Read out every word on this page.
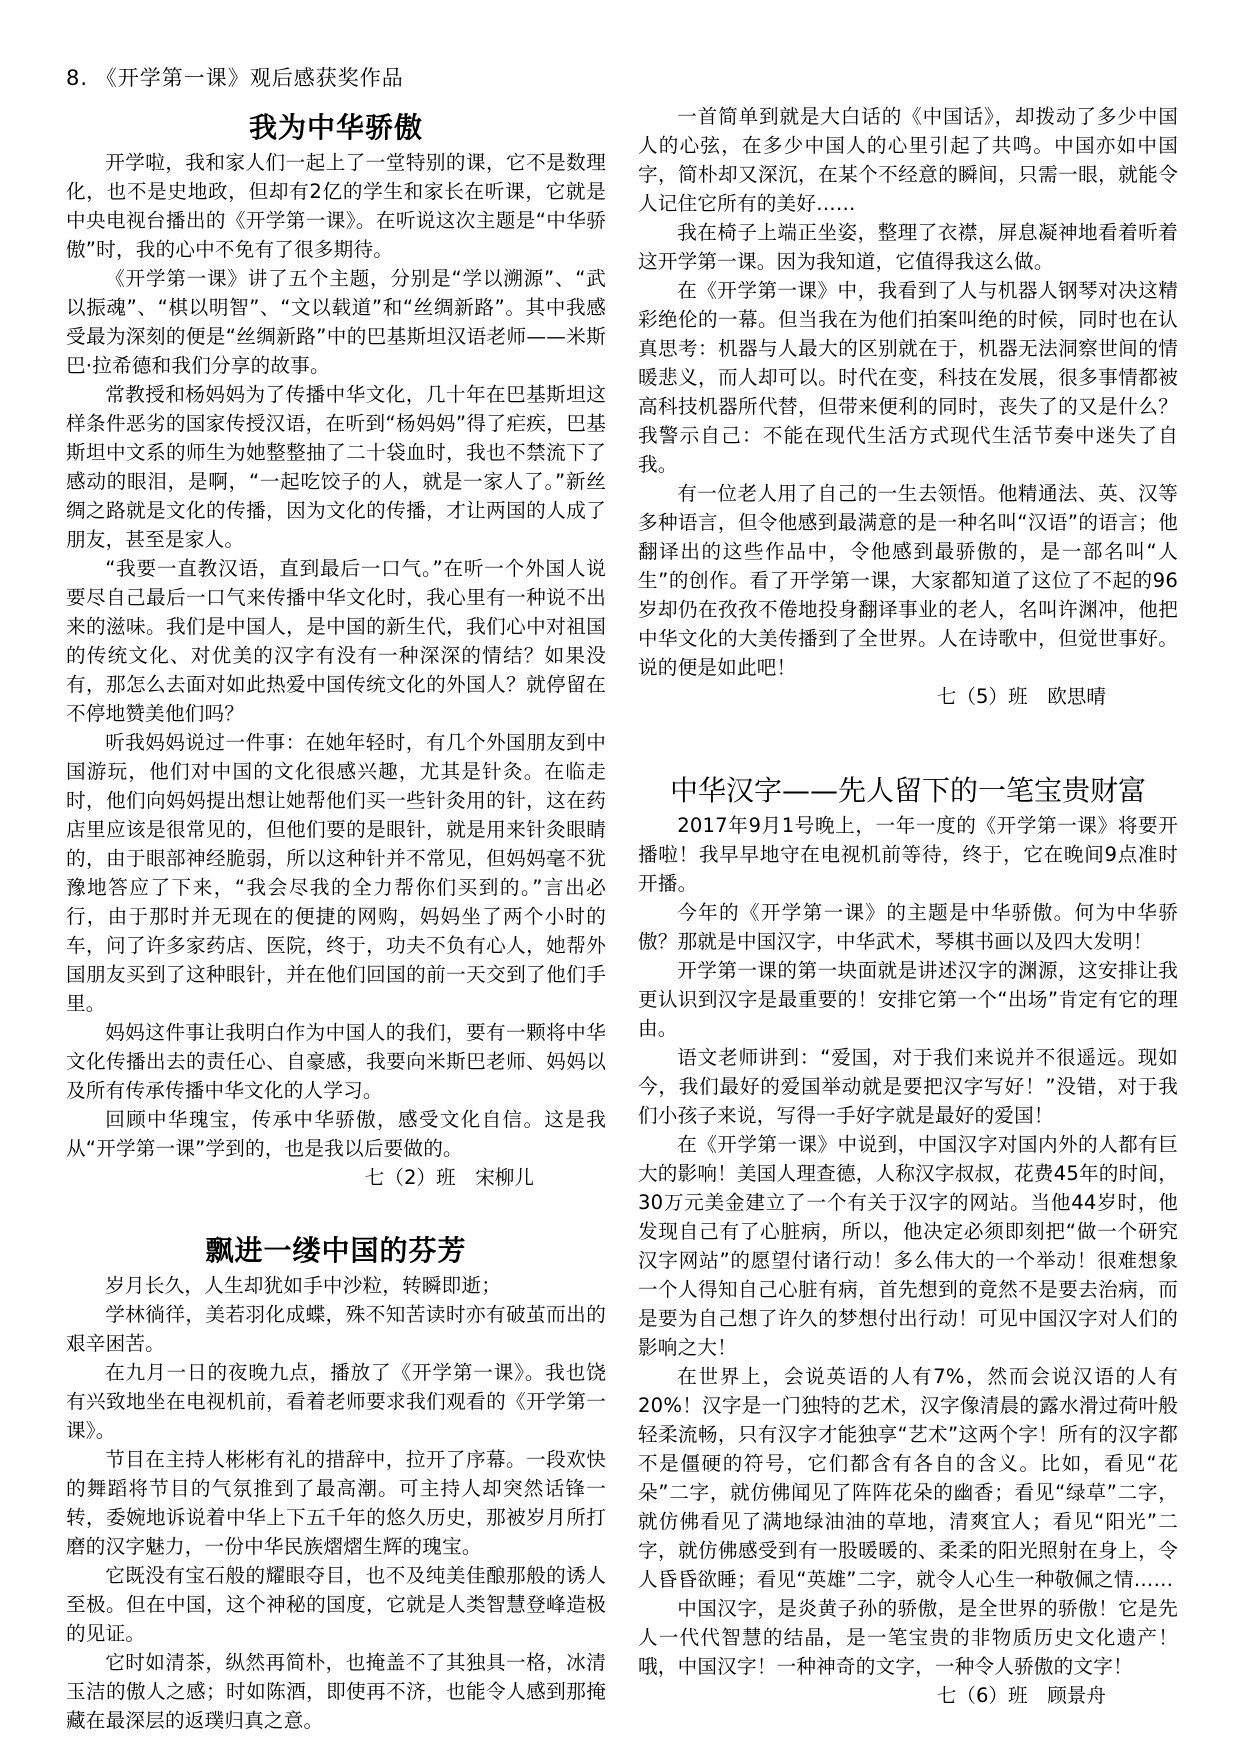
8. 《开学第一课》观后感获奖作品
我为中华骄傲

开学啦，我和家人们一起上了一堂特别的课，它不是数理化，也不是史地政，但却有2亿的学生和家长在听课，它就是中央电视台播出的《开学第一课》。在听说这次主题是“中华骄傲”时，我的心中不免有了很多期待。

《开学第一课》讲了五个主题，分别是“学以溯源”、“武以振魂”、“棋以明智”、“文以载道”和“丝绸新路”。其中我感受最为深刻的便是“丝绸新路”中的巴基斯坦汉语老师——米斯巴·拉希德和我们分享的故事。

常教授和杨妈妈为了传播中华文化，几十年在巴基斯坦这样条件恶劣的国家传授汉语，在听到“杨妈妈”得了疟疾，巴基斯坦中文系的师生为她整整抽了二十袋血时，我也不禁流下了感动的眼泪，是啊，“一起吃饺子的人，就是一家人了。”新丝绸之路就是文化的传播，因为文化的传播，才让两国的人成了朋友，甚至是家人。

“我要一直教汉语，直到最后一口气。”在听一个外国人说要尽自己最后一口气来传播中华文化时，我心里有一种说不出来的滋味。我们是中国人，是中国的新生代，我们心中对祖国的传统文化、对优美的汉字有没有一种深深的情结？如果没有，那怎么去面对如此热爱中国传统文化的外国人？就停留在不停地赞美他们吗？

听我妈妈说过一件事：在她年轻时，有几个外国朋友到中国游玩，他们对中国的文化很感兴趣，尤其是针灸。在临走时，他们向妈妈提出想让她帮他们买一些针灸用的针，这在药店里应该是很常见的，但他们要的是眼针，就是用来针灸眼睛的，由于眼部神经脆弱，所以这种针并不常见，但妈妈毫不犹豫地答应了下来，“我会尽我的全力帮你们买到的。”言出必行，由于那时并无现在的便捷的网购，妈妈坐了两个小时的车，问了许多家药店、医院，终于，功夫不负有心人，她帮外国朋友买到了这种眼针，并在他们回国的前一天交到了他们手里。

妈妈这件事让我明白作为中国人的我们，要有一颗将中华文化传播出去的责任心、自豪感，我要向米斯巴老师、妈妈以及所有传承传播中华文化的人学习。

回顾中华瑰宝，传承中华骄傲，感受文化自信。这是我从“开学第一课”学到的，也是我以后要做的。

七（2）班　宋柳儿
飘进一缕中国的芬芳

岁月长久，人生却犹如手中沙粒，转瞬即逝；

学林徜徉，美若羽化成蝶，殊不知苦读时亦有破茧而出的艰辛困苦。

在九月一日的夜晚九点，播放了《开学第一课》。我也饶有兴致地坐在电视机前，看着老师要求我们观看的《开学第一课》。

节目在主持人彬彬有礼的措辞中，拉开了序幕。一段欢快的舞蹈将节目的气氛推到了最高潮。可主持人却突然话锋一转，委婉地诉说着中华上下五千年的悠久历史，那被岁月所打磨的汉字魅力，一份中华民族熠熠生辉的瑰宝。

它既没有宝石般的耀眼夺目，也不及纯美佳酿那般的诱人至极。但在中国，这个神秘的国度，它就是人类智慧登峰造极的见证。

它时如清茶，纵然再简朴，也掩盖不了其独具一格，冰清玉洁的傲人之感；时如陈酒，即使再不济，也能令人感到那掩藏在最深层的返璞归真之意。

一首简单到就是大白话的《中国话》，却拨动了多少中国人的心弦，在多少中国人的心里引起了共鸣。中国亦如中国字，简朴却又深沉，在某个不经意的瞬间，只需一眼，就能令人记住它所有的美好……

我在椅子上端正坐姿，整理了衣襟，屏息凝神地看着听着这开学第一课。因为我知道，它值得我这么做。

在《开学第一课》中，我看到了人与机器人钢琴对决这精彩绝伦的一幕。但当我在为他们拍案叫绝的时候，同时也在认真思考：机器与人最大的区别就在于，机器无法洞察世间的情暖悲义，而人却可以。时代在变，科技在发展，很多事情都被高科技机器所代替，但带来便利的同时，丧失了的又是什么？我警示自己：不能在现代生活方式现代生活节奏中迷失了自我。

有一位老人用了自己的一生去领悟。他精通法、英、汉等多种语言，但令他感到最满意的是一种名叫“汉语”的语言；他翻译出的这些作品中，令他感到最骄傲的，是一部名叫“人生”的创作。看了开学第一课，大家都知道了这位了不起的96岁却仍在孜孜不倦地投身翻译事业的老人，名叫许渊冲，他把中华文化的大美传播到了全世界。人在诗歌中，但觉世事好。说的便是如此吧！

七（5）班　欧思晴
中华汉字——先人留下的一笔宝贵财富

2017年9月1号晚上，一年一度的《开学第一课》将要开播啦！我早早地守在电视机前等待，终于，它在晚间9点准时开播。

今年的《开学第一课》的主题是中华骄傲。何为中华骄傲？那就是中国汉字，中华武术，琴棋书画以及四大发明！

开学第一课的第一块面就是讲述汉字的渊源，这安排让我更认识到汉字是最重要的！安排它第一个“出场”肯定有它的理由。

语文老师讲到：“爱国，对于我们来说并不很遥远。现如今，我们最好的爱国举动就是要把汉字写好！”没错，对于我们小孩子来说，写得一手好字就是最好的爱国！

在《开学第一课》中说到，中国汉字对国内外的人都有巨大的影响！美国人理查德，人称汉字叔叔，花费45年的时间，30万元美金建立了一个有关于汉字的网站。当他44岁时，他发现自己有了心脏病，所以，他决定必须即刻把“做一个研究汉字网站”的愿望付诸行动！多么伟大的一个举动！很难想象一个人得知自己心脏有病，首先想到的竟然不是要去治病，而是要为自己想了许久的梦想付出行动！可见中国汉字对人们的影响之大！

在世界上，会说英语的人有7%，然而会说汉语的人有20%！汉字是一门独特的艺术，汉字像清晨的露水滑过荷叶般轻柔流畅，只有汉字才能独享“艺术”这两个字！所有的汉字都不是僵硬的符号，它们都含有各自的含义。比如，看见“花朵”二字，就仿佛闻见了阵阵花朵的幽香；看见“绿草”二字，就仿佛看见了满地绿油油的草地，清爽宜人；看见“阳光”二字，就仿佛感受到有一股暖暖的、柔柔的阳光照射在身上，令人昏昏欲睡；看见“英雄”二字，就令人心生一种敬佩之情……

中国汉字，是炎黄子孙的骄傲，是全世界的骄傲！它是先人一代代智慧的结晶，是一笔宝贵的非物质历史文化遗产！哦，中国汉字！一种神奇的文字，一种令人骄傲的文字！

七（6）班　顾景舟
